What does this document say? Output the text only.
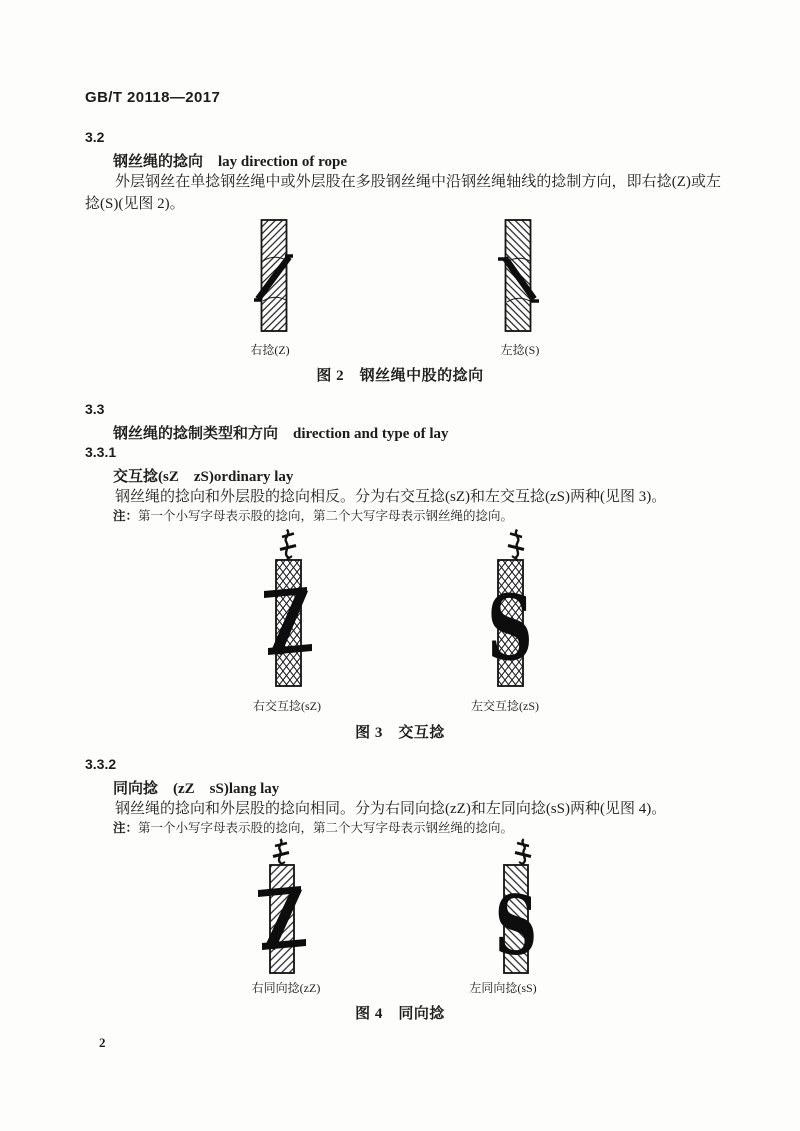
GB/T 20118—2017
3.2
钢丝绳的捻向　lay direction of rope
外层钢丝在单捻钢丝绳中或外层股在多股钢丝绳中沿钢丝绳轴线的捻制方向，即右捻(Z)或左捻(S)(见图 2)。
右捻(Z)	左捻(S)
图 2　钢丝绳中股的捻向
3.3
钢丝绳的捻制类型和方向　direction and type of lay
3.3.1
交互捻(sZ　zS)ordinary lay
钢丝绳的捻向和外层股的捻向相反。分为右交互捻(sZ)和左交互捻(zS)两种(见图 3)。
注：第一个小写字母表示股的捻向，第二个大写字母表示钢丝绳的捻向。
S
右交互捻(sZ)	左交互捻(zS)
图 3　交互捻
3.3.2
同向捻　(zZ　sS)lang lay
钢丝绳的捻向和外层股的捻向相同。分为右同向捻(zZ)和左同向捻(sS)两种(见图 4)。
注：第一个小写字母表示股的捻向，第二个大写字母表示钢丝绳的捻向。
S
右同向捻(zZ)	左同向捻(sS)
图 4　同向捻
2
